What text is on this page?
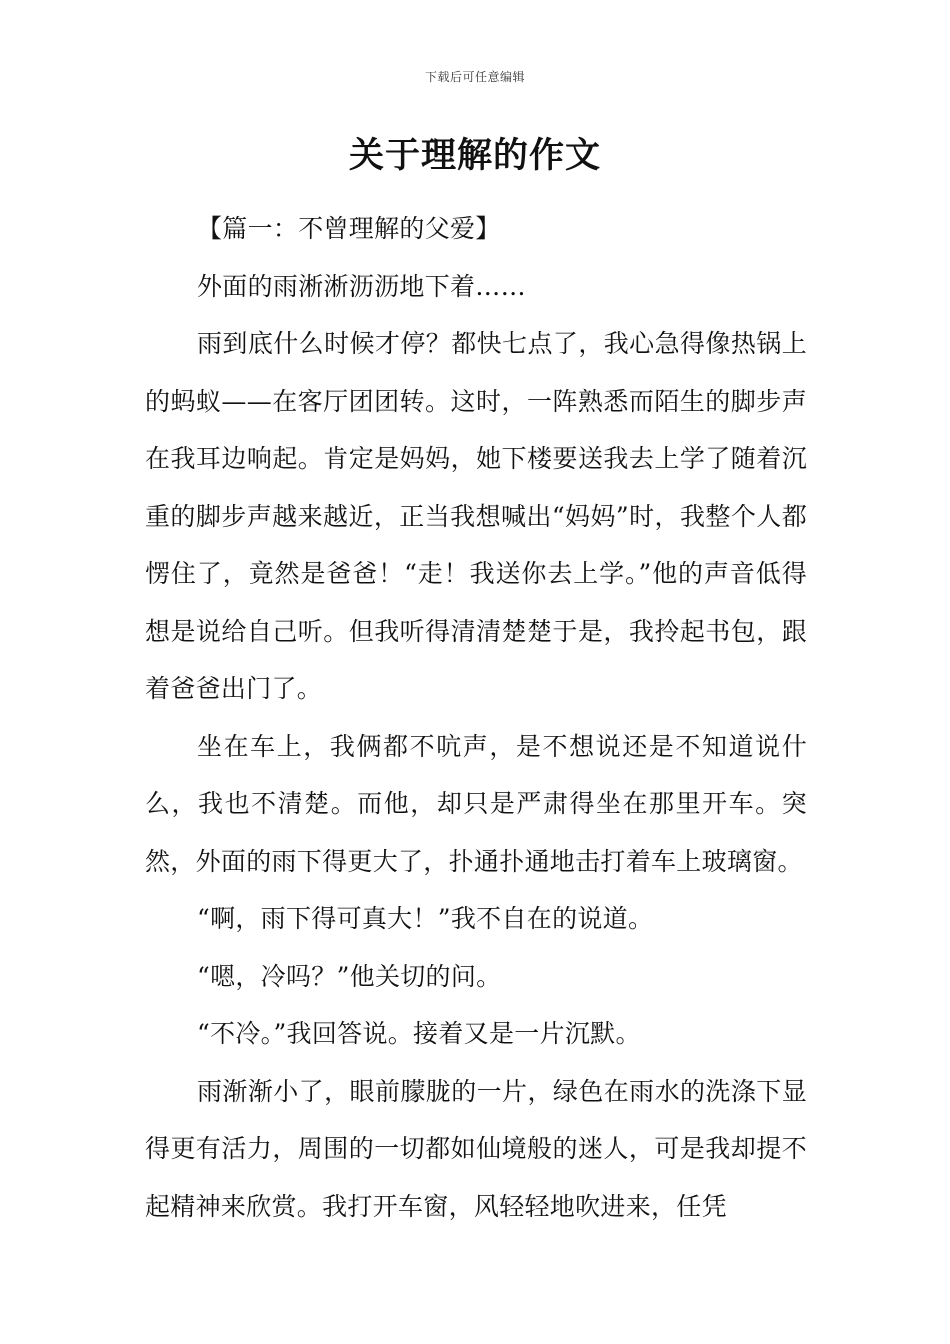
下载后可任意编辑
关于理解的作文

【篇一：不曾理解的父爱】

外面的雨淅淅沥沥地下着……

雨到底什么时候才停？都快七点了，我心急得像热锅上的蚂蚁——在客厅团团转。这时，一阵熟悉而陌生的脚步声在我耳边响起。肯定是妈妈，她下楼要送我去上学了随着沉重的脚步声越来越近，正当我想喊出“妈妈”时，我整个人都愣住了，竟然是爸爸！“走！我送你去上学。”他的声音低得想是说给自己听。但我听得清清楚楚于是，我拎起书包，跟着爸爸出门了。

坐在车上，我俩都不吭声，是不想说还是不知道说什么，我也不清楚。而他，却只是严肃得坐在那里开车。突然，外面的雨下得更大了，扑通扑通地击打着车上玻璃窗。

“啊，雨下得可真大！”我不自在的说道。

“嗯，冷吗？”他关切的问。

“不冷。”我回答说。接着又是一片沉默。

雨渐渐小了，眼前朦胧的一片，绿色在雨水的洗涤下显得更有活力，周围的一切都如仙境般的迷人，可是我却提不起精神来欣赏。我打开车窗，风轻轻地吹进来，任凭
